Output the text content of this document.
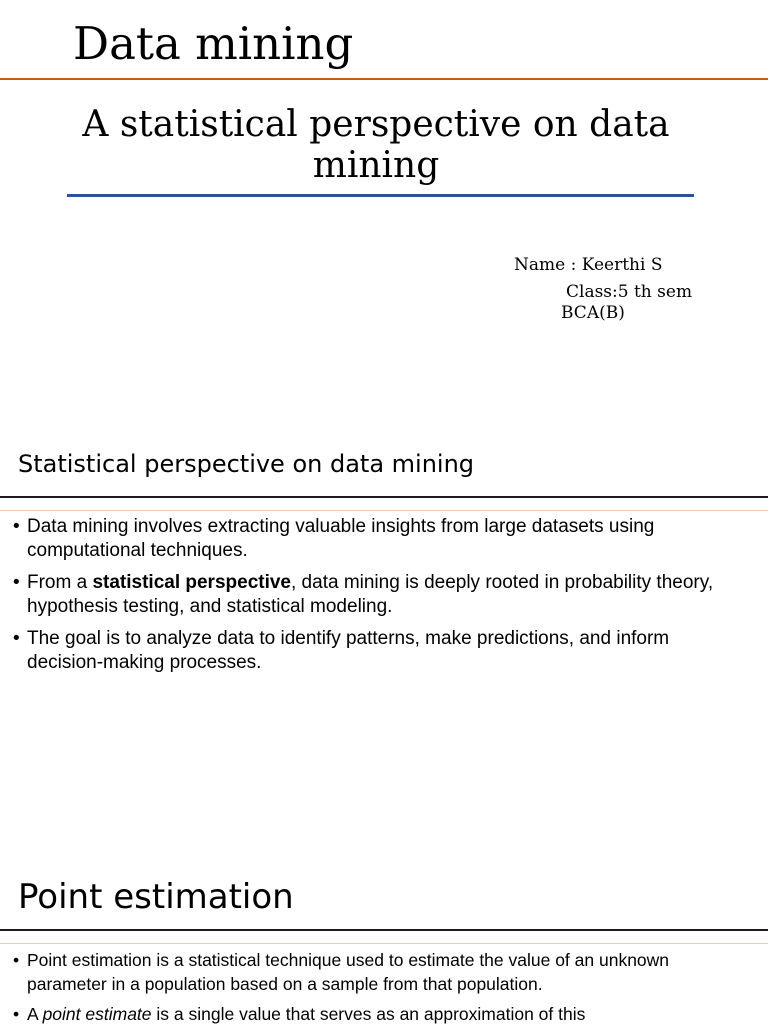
Data mining
A statistical perspective on data mining
Name : Keerthi S
Class:5 th sem
BCA(B)
Statistical perspective on data mining
• Data mining involves extracting valuable insights from large datasets using computational techniques.
• From a statistical perspective, data mining is deeply rooted in probability theory, hypothesis testing, and statistical modeling.
• The goal is to analyze data to identify patterns, make predictions, and inform decision-making processes.
Point estimation
• Point estimation is a statistical technique used to estimate the value of an unknown parameter in a population based on a sample from that population.
• A point estimate is a single value that serves as an approximation of this
